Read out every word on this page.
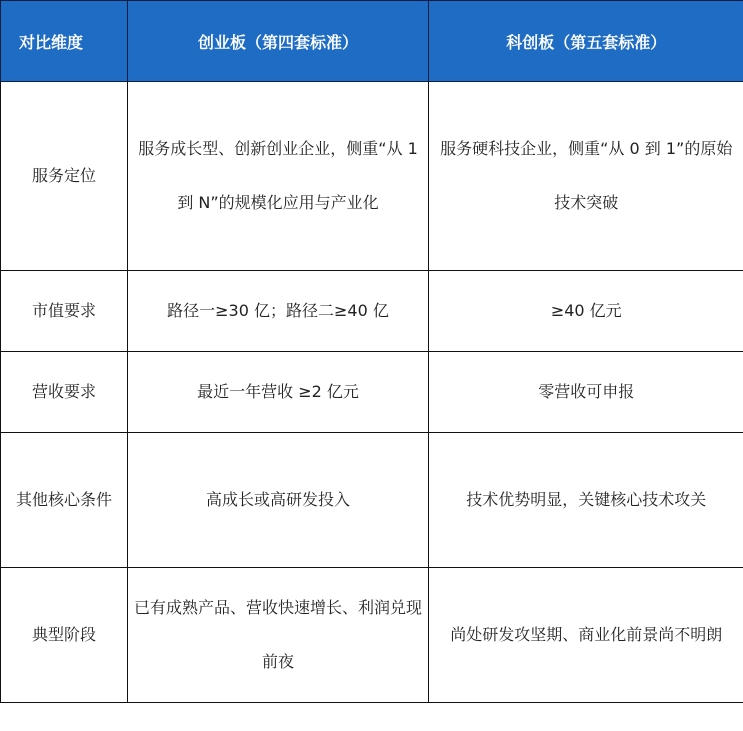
对比维度	创业板（第四套标准）	科创板（第五套标准）
服务定位	服务成长型、创新创业企业，侧重“从 1 到 N”的规模化应用与产业化	服务硬科技企业，侧重“从 0 到 1”的原始技术突破
市值要求	路径一≥30 亿；路径二≥40 亿	≥40 亿元
营收要求	最近一年营收 ≥2 亿元	零营收可申报
其他核心条件	高成长或高研发投入	技术优势明显，关键核心技术攻关
典型阶段	已有成熟产品、营收快速增长、利润兑现前夜	尚处研发攻坚期、商业化前景尚不明朗
